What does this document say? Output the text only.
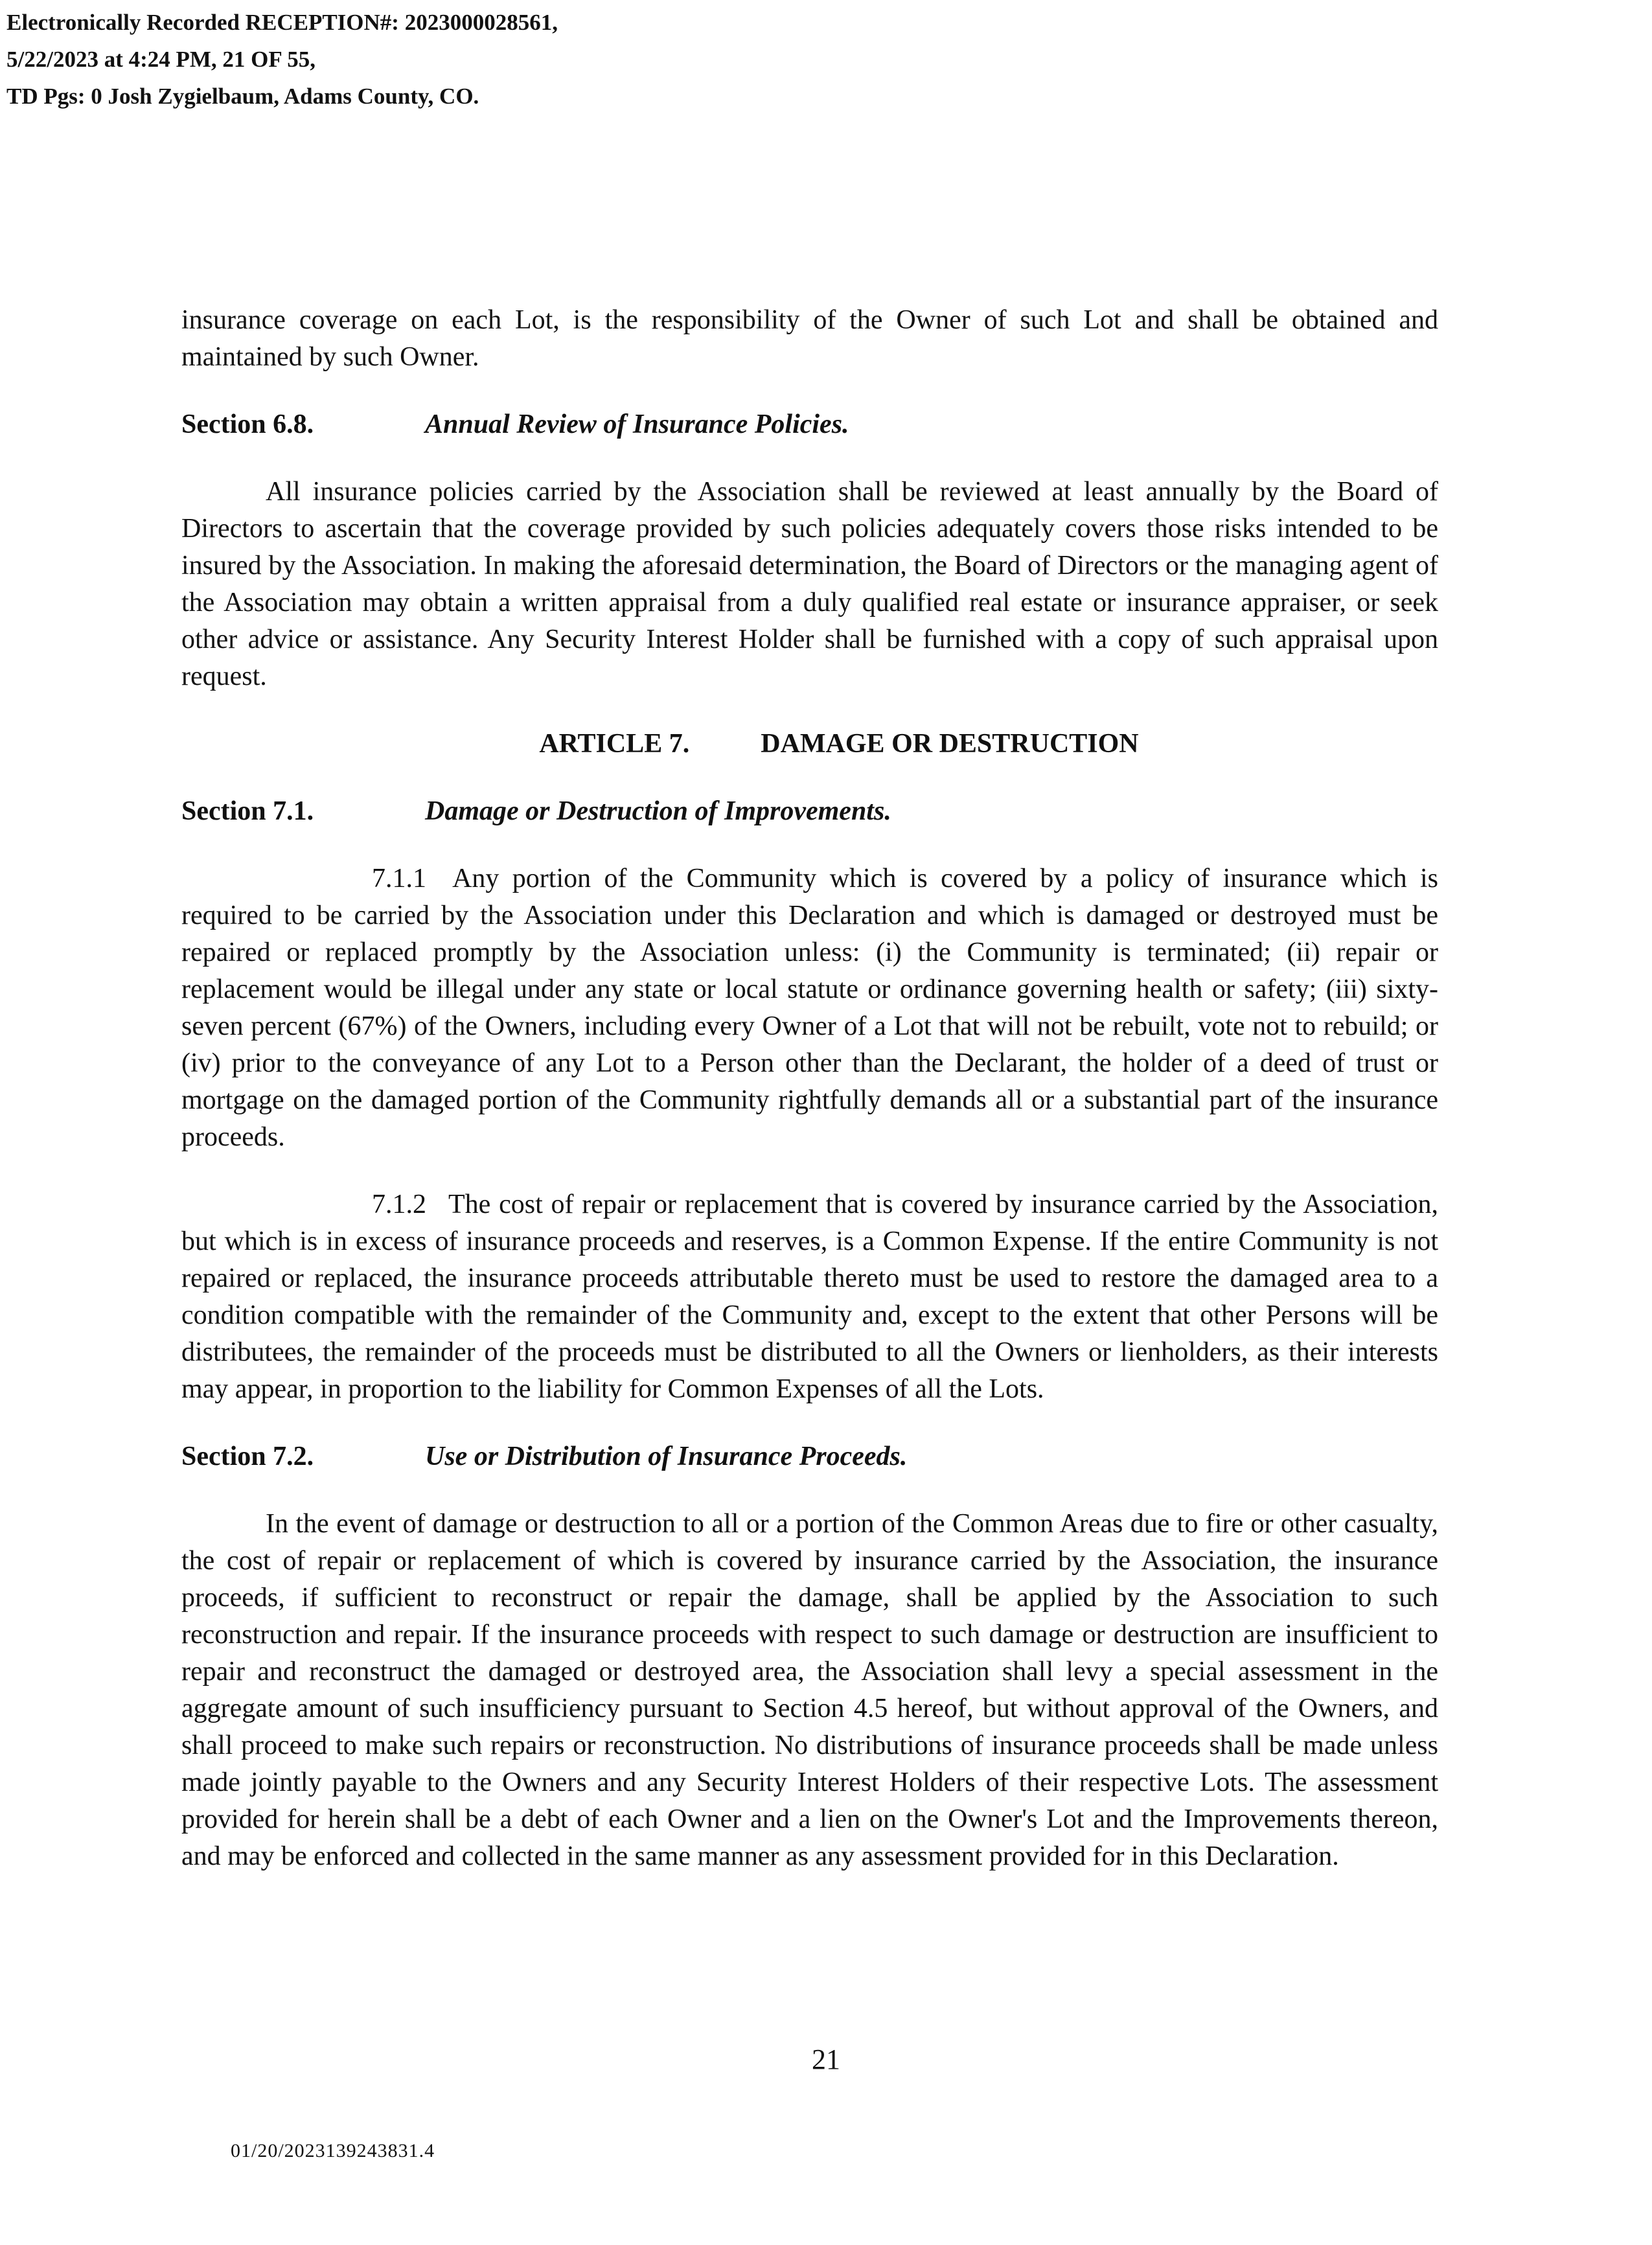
Electronically Recorded RECEPTION#: 2023000028561,
5/22/2023 at 4:24 PM, 21 OF 55,
TD Pgs: 0 Josh Zygielbaum, Adams County, CO.

insurance coverage on each Lot, is the responsibility of the Owner of such Lot and shall be obtained and maintained by such Owner.

Section 6.8.	Annual Review of Insurance Policies.

All insurance policies carried by the Association shall be reviewed at least annually by the Board of Directors to ascertain that the coverage provided by such policies adequately covers those risks intended to be insured by the Association. In making the aforesaid determination, the Board of Directors or the managing agent of the Association may obtain a written appraisal from a duly qualified real estate or insurance appraiser, or seek other advice or assistance. Any Security Interest Holder shall be furnished with a copy of such appraisal upon request.

ARTICLE 7.	DAMAGE OR DESTRUCTION
Section 7.1.	Damage or Destruction of Improvements.

7.1.1 Any portion of the Community which is covered by a policy of insurance which is required to be carried by the Association under this Declaration and which is damaged or destroyed must be repaired or replaced promptly by the Association unless: (i) the Community is terminated; (ii) repair or replacement would be illegal under any state or local statute or ordinance governing health or safety; (iii) sixty-seven percent (67%) of the Owners, including every Owner of a Lot that will not be rebuilt, vote not to rebuild; or (iv) prior to the conveyance of any Lot to a Person other than the Declarant, the holder of a deed of trust or mortgage on the damaged portion of the Community rightfully demands all or a substantial part of the insurance proceeds.

7.1.2 The cost of repair or replacement that is covered by insurance carried by the Association, but which is in excess of insurance proceeds and reserves, is a Common Expense. If the entire Community is not repaired or replaced, the insurance proceeds attributable thereto must be used to restore the damaged area to a condition compatible with the remainder of the Community and, except to the extent that other Persons will be distributees, the remainder of the proceeds must be distributed to all the Owners or lienholders, as their interests may appear, in proportion to the liability for Common Expenses of all the Lots.

Section 7.2.	Use or Distribution of Insurance Proceeds.

In the event of damage or destruction to all or a portion of the Common Areas due to fire or other casualty, the cost of repair or replacement of which is covered by insurance carried by the Association, the insurance proceeds, if sufficient to reconstruct or repair the damage, shall be applied by the Association to such reconstruction and repair. If the insurance proceeds with respect to such damage or destruction are insufficient to repair and reconstruct the damaged or destroyed area, the Association shall levy a special assessment in the aggregate amount of such insufficiency pursuant to Section 4.5 hereof, but without approval of the Owners, and shall proceed to make such repairs or reconstruction. No distributions of insurance proceeds shall be made unless made jointly payable to the Owners and any Security Interest Holders of their respective Lots. The assessment provided for herein shall be a debt of each Owner and a lien on the Owner's Lot and the Improvements thereon, and may be enforced and collected in the same manner as any assessment provided for in this Declaration.

21
01/20/2023139243831.4
